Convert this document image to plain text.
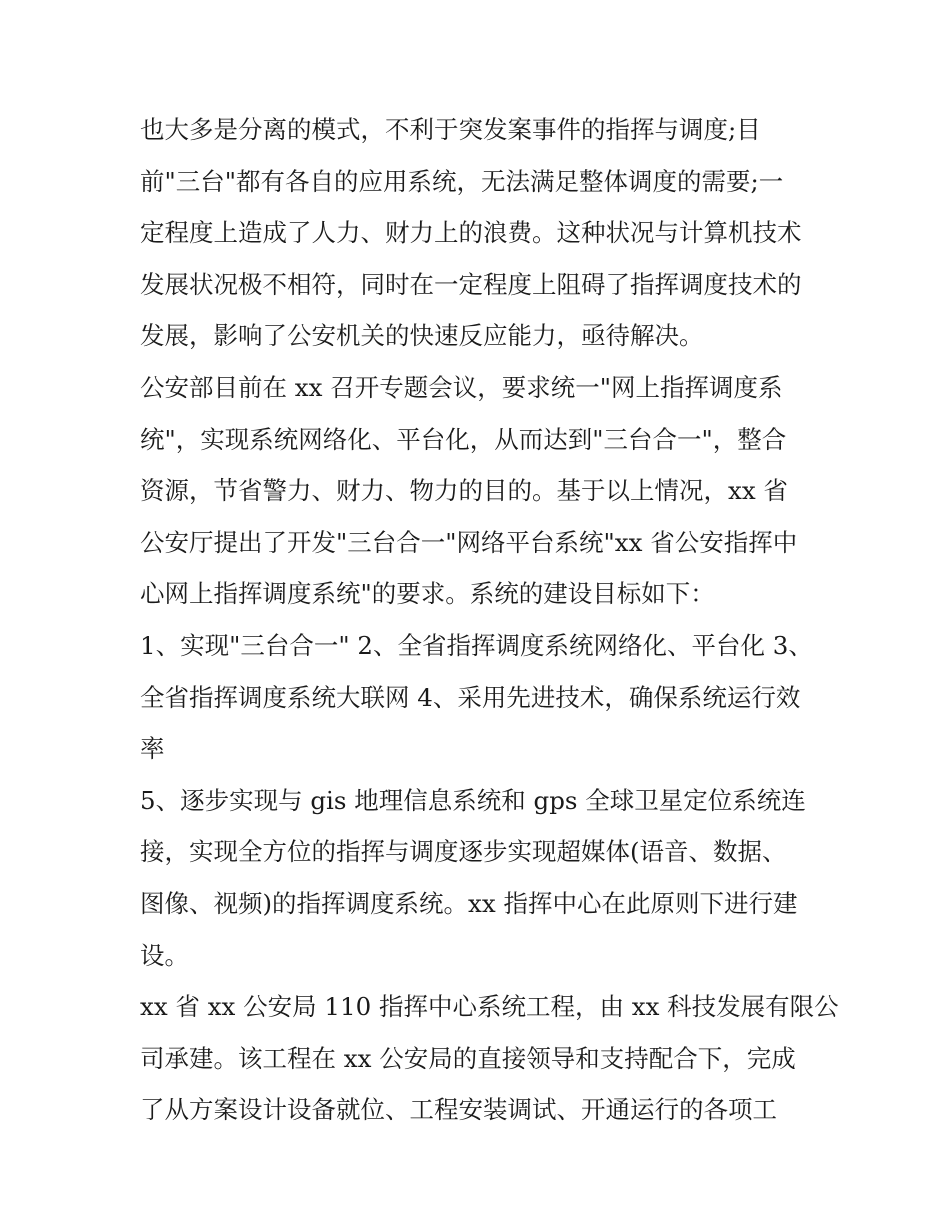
也大多是分离的模式，不利于突发案事件的指挥与调度;目
前"三台"都有各自的应用系统，无法满足整体调度的需要;一
定程度上造成了人力、财力上的浪费。这种状况与计算机技术
发展状况极不相符，同时在一定程度上阻碍了指挥调度技术的
发展，影响了公安机关的快速反应能力，亟待解决。
公安部目前在 xx 召开专题会议，要求统一"网上指挥调度系
统"，实现系统网络化、平台化，从而达到"三台合一"，整合
资源，节省警力、财力、物力的目的。基于以上情况，xx 省
公安厅提出了开发"三台合一"网络平台系统"xx 省公安指挥中
心网上指挥调度系统"的要求。系统的建设目标如下：
1、实现"三台合一" 2、全省指挥调度系统网络化、平台化 3、
全省指挥调度系统大联网 4、采用先进技术，确保系统运行效
率
5、逐步实现与 gis 地理信息系统和 gps 全球卫星定位系统连
接，实现全方位的指挥与调度逐步实现超媒体(语音、数据、
图像、视频)的指挥调度系统。xx 指挥中心在此原则下进行建
设。
xx 省 xx 公安局 110 指挥中心系统工程，由 xx 科技发展有限公
司承建。该工程在 xx 公安局的直接领导和支持配合下，完成
了从方案设计设备就位、工程安装调试、开通运行的各项工
